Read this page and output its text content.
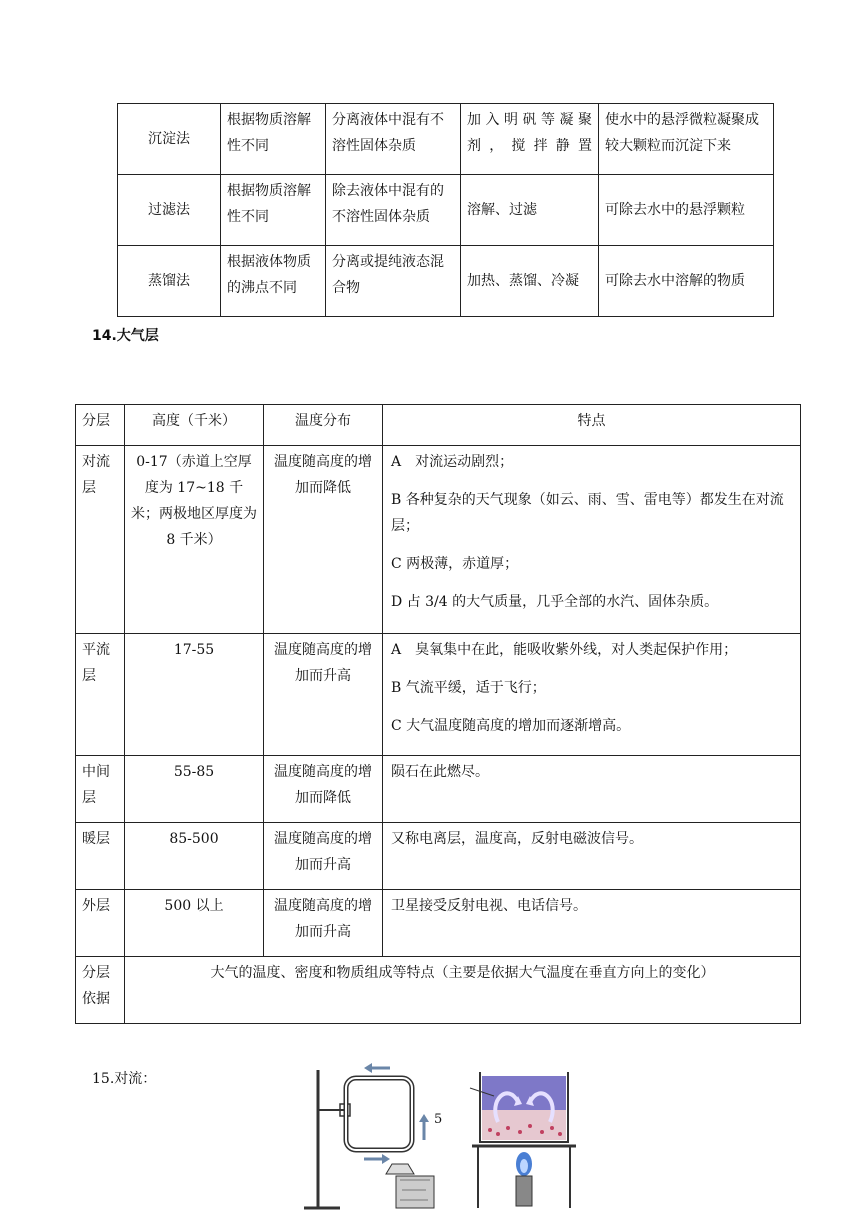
沉淀法	根据物质溶解性不同	分离液体中混有不溶性固体杂质	加入明矾等凝聚剂，搅拌静置	使水中的悬浮微粒凝聚成较大颗粒而沉淀下来
过滤法	根据物质溶解性不同	除去液体中混有的不溶性固体杂质	溶解、过滤	可除去水中的悬浮颗粒
蒸馏法	根据液体物质的沸点不同	分离或提纯液态混合物	加热、蒸馏、冷凝	可除去水中溶解的物质
14.大气层
分层	高度（千米）	温度分布	特点
对流层	0-17（赤道上空厚度为 17~18 千米；两极地区厚度为 8 千米）	温度随高度的增加而降低	A　对流运动剧烈；

B 各种复杂的天气现象（如云、雨、雪、雷电等）都发生在对流层；

C 两极薄，赤道厚；

D 占 3/4 的大气质量，几乎全部的水汽、固体杂质。

平流层	17-55	温度随高度的增加而升高	A　臭氧集中在此，能吸收紫外线，对人类起保护作用；

B 气流平缓，适于飞行；

C 大气温度随高度的增加而逐渐增高。

中间层	55-85	温度随高度的增加而降低	陨石在此燃尽。

暖层	85-500	温度随高度的增加而升高	又称电离层，温度高，反射电磁波信号。

外层	500 以上	温度随高度的增加而升高	卫星接受反射电视、电话信号。

分层依据	大气的温度、密度和物质组成等特点（主要是依据大气温度在垂直方向上的变化）		
15.对流：
5
